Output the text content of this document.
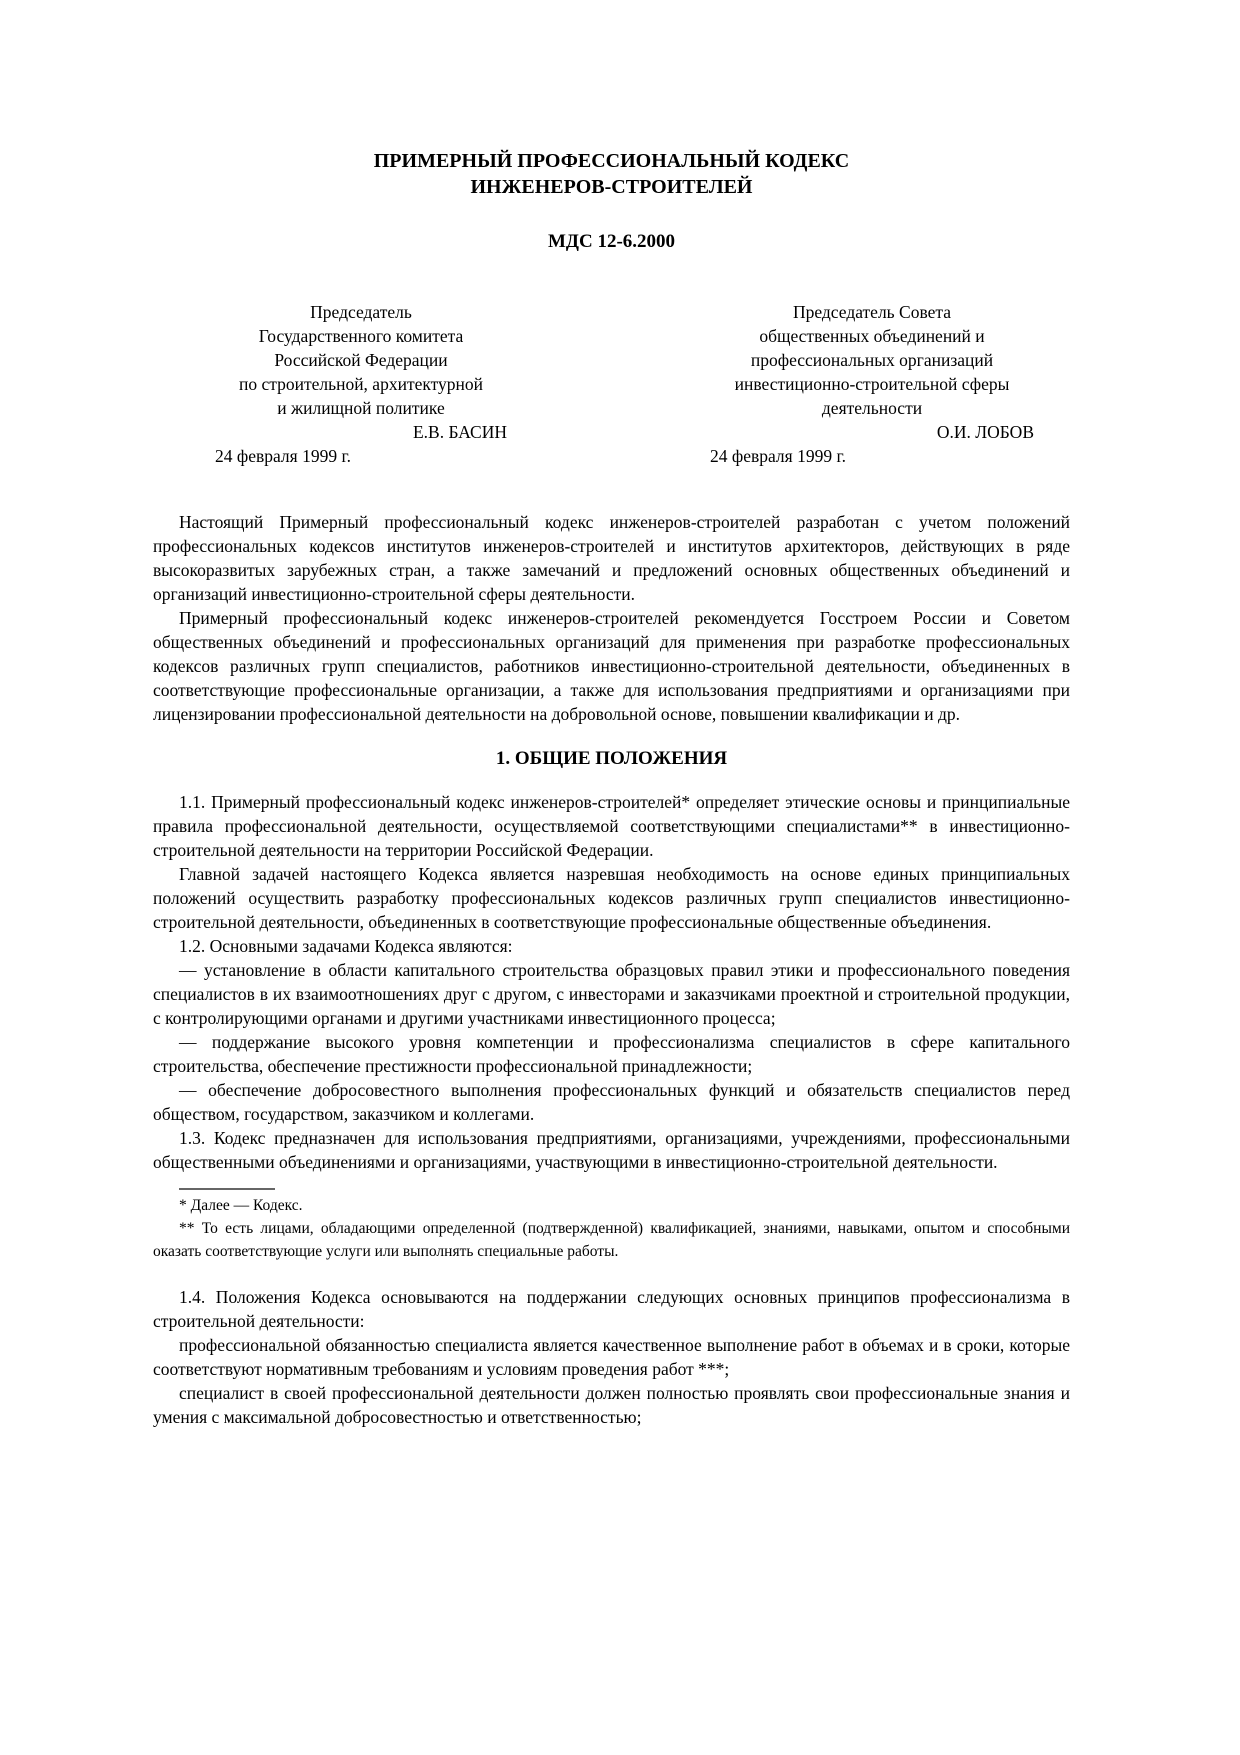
ПРИМЕРНЫЙ ПРОФЕССИОНАЛЬНЫЙ КОДЕКС
ИНЖЕНЕРОВ-СТРОИТЕЛЕЙ

МДС 12-6.2000

Председатель
Государственного комитета
Российской Федерации
по строительной, архитектурной
и жилищной политике
Е.В. БАСИН
24 февраля 1999 г.
Председатель Совета
общественных объединений и
профессиональных организаций
инвестиционно-строительной сферы
деятельности
О.И. ЛОБОВ
24 февраля 1999 г.

Настоящий Примерный профессиональный кодекс инженеров-строителей разработан с учетом положений профессиональных кодексов институтов инженеров-строителей и институтов архитекторов, действующих в ряде высокоразвитых зарубежных стран, а также замечаний и предложений основных общественных объединений и организаций инвестиционно-строительной сферы деятельности.

Примерный профессиональный кодекс инженеров-строителей рекомендуется Госстроем России и Советом общественных объединений и профессиональных организаций для применения при разработке профессиональных кодексов различных групп специалистов, работников инвестиционно-строительной деятельности, объединенных в соответствующие профессиональные организации, а также для использования предприятиями и организациями при лицензировании профессиональной деятельности на добровольной основе, повышении квалификации и др.

1. ОБЩИЕ ПОЛОЖЕНИЯ

1.1. Примерный профессиональный кодекс инженеров-строителей* определяет этические основы и принципиальные правила профессиональной деятельности, осуществляемой соответствующими специалистами** в инвестиционно-строительной деятельности на территории Российской Федерации.

Главной задачей настоящего Кодекса является назревшая необходимость на основе единых принципиальных положений осуществить разработку профессиональных кодексов различных групп специалистов инвестиционно-строительной деятельности, объединенных в соответствующие профессиональные общественные объединения.

1.2. Основными задачами Кодекса являются:

— установление в области капитального строительства образцовых правил этики и профессионального поведения специалистов в их взаимоотношениях друг с другом, с инвесторами и заказчиками проектной и строительной продукции, с контролирующими органами и другими участниками инвестиционного процесса;

— поддержание высокого уровня компетенции и профессионализма специалистов в сфере капитального строительства, обеспечение престижности профессиональной принадлежности;

— обеспечение добросовестного выполнения профессиональных функций и обязательств специалистов перед обществом, государством, заказчиком и коллегами.

1.3. Кодекс предназначен для использования предприятиями, организациями, учреждениями, профессиональными общественными объединениями и организациями, участвующими в инвестиционно-строительной деятельности.

* Далее — Кодекс.

** То есть лицами, обладающими определенной (подтвержденной) квалификацией, знаниями, навыками, опытом и способными оказать соответствующие услуги или выполнять специальные работы.

1.4. Положения Кодекса основываются на поддержании следующих основных принципов профессионализма в строительной деятельности:

профессиональной обязанностью специалиста является качественное выполнение работ в объемах и в сроки, которые соответствуют нормативным требованиям и условиям проведения работ ***;

специалист в своей профессиональной деятельности должен полностью проявлять свои профессиональные знания и умения с максимальной добросовестностью и ответственностью;
